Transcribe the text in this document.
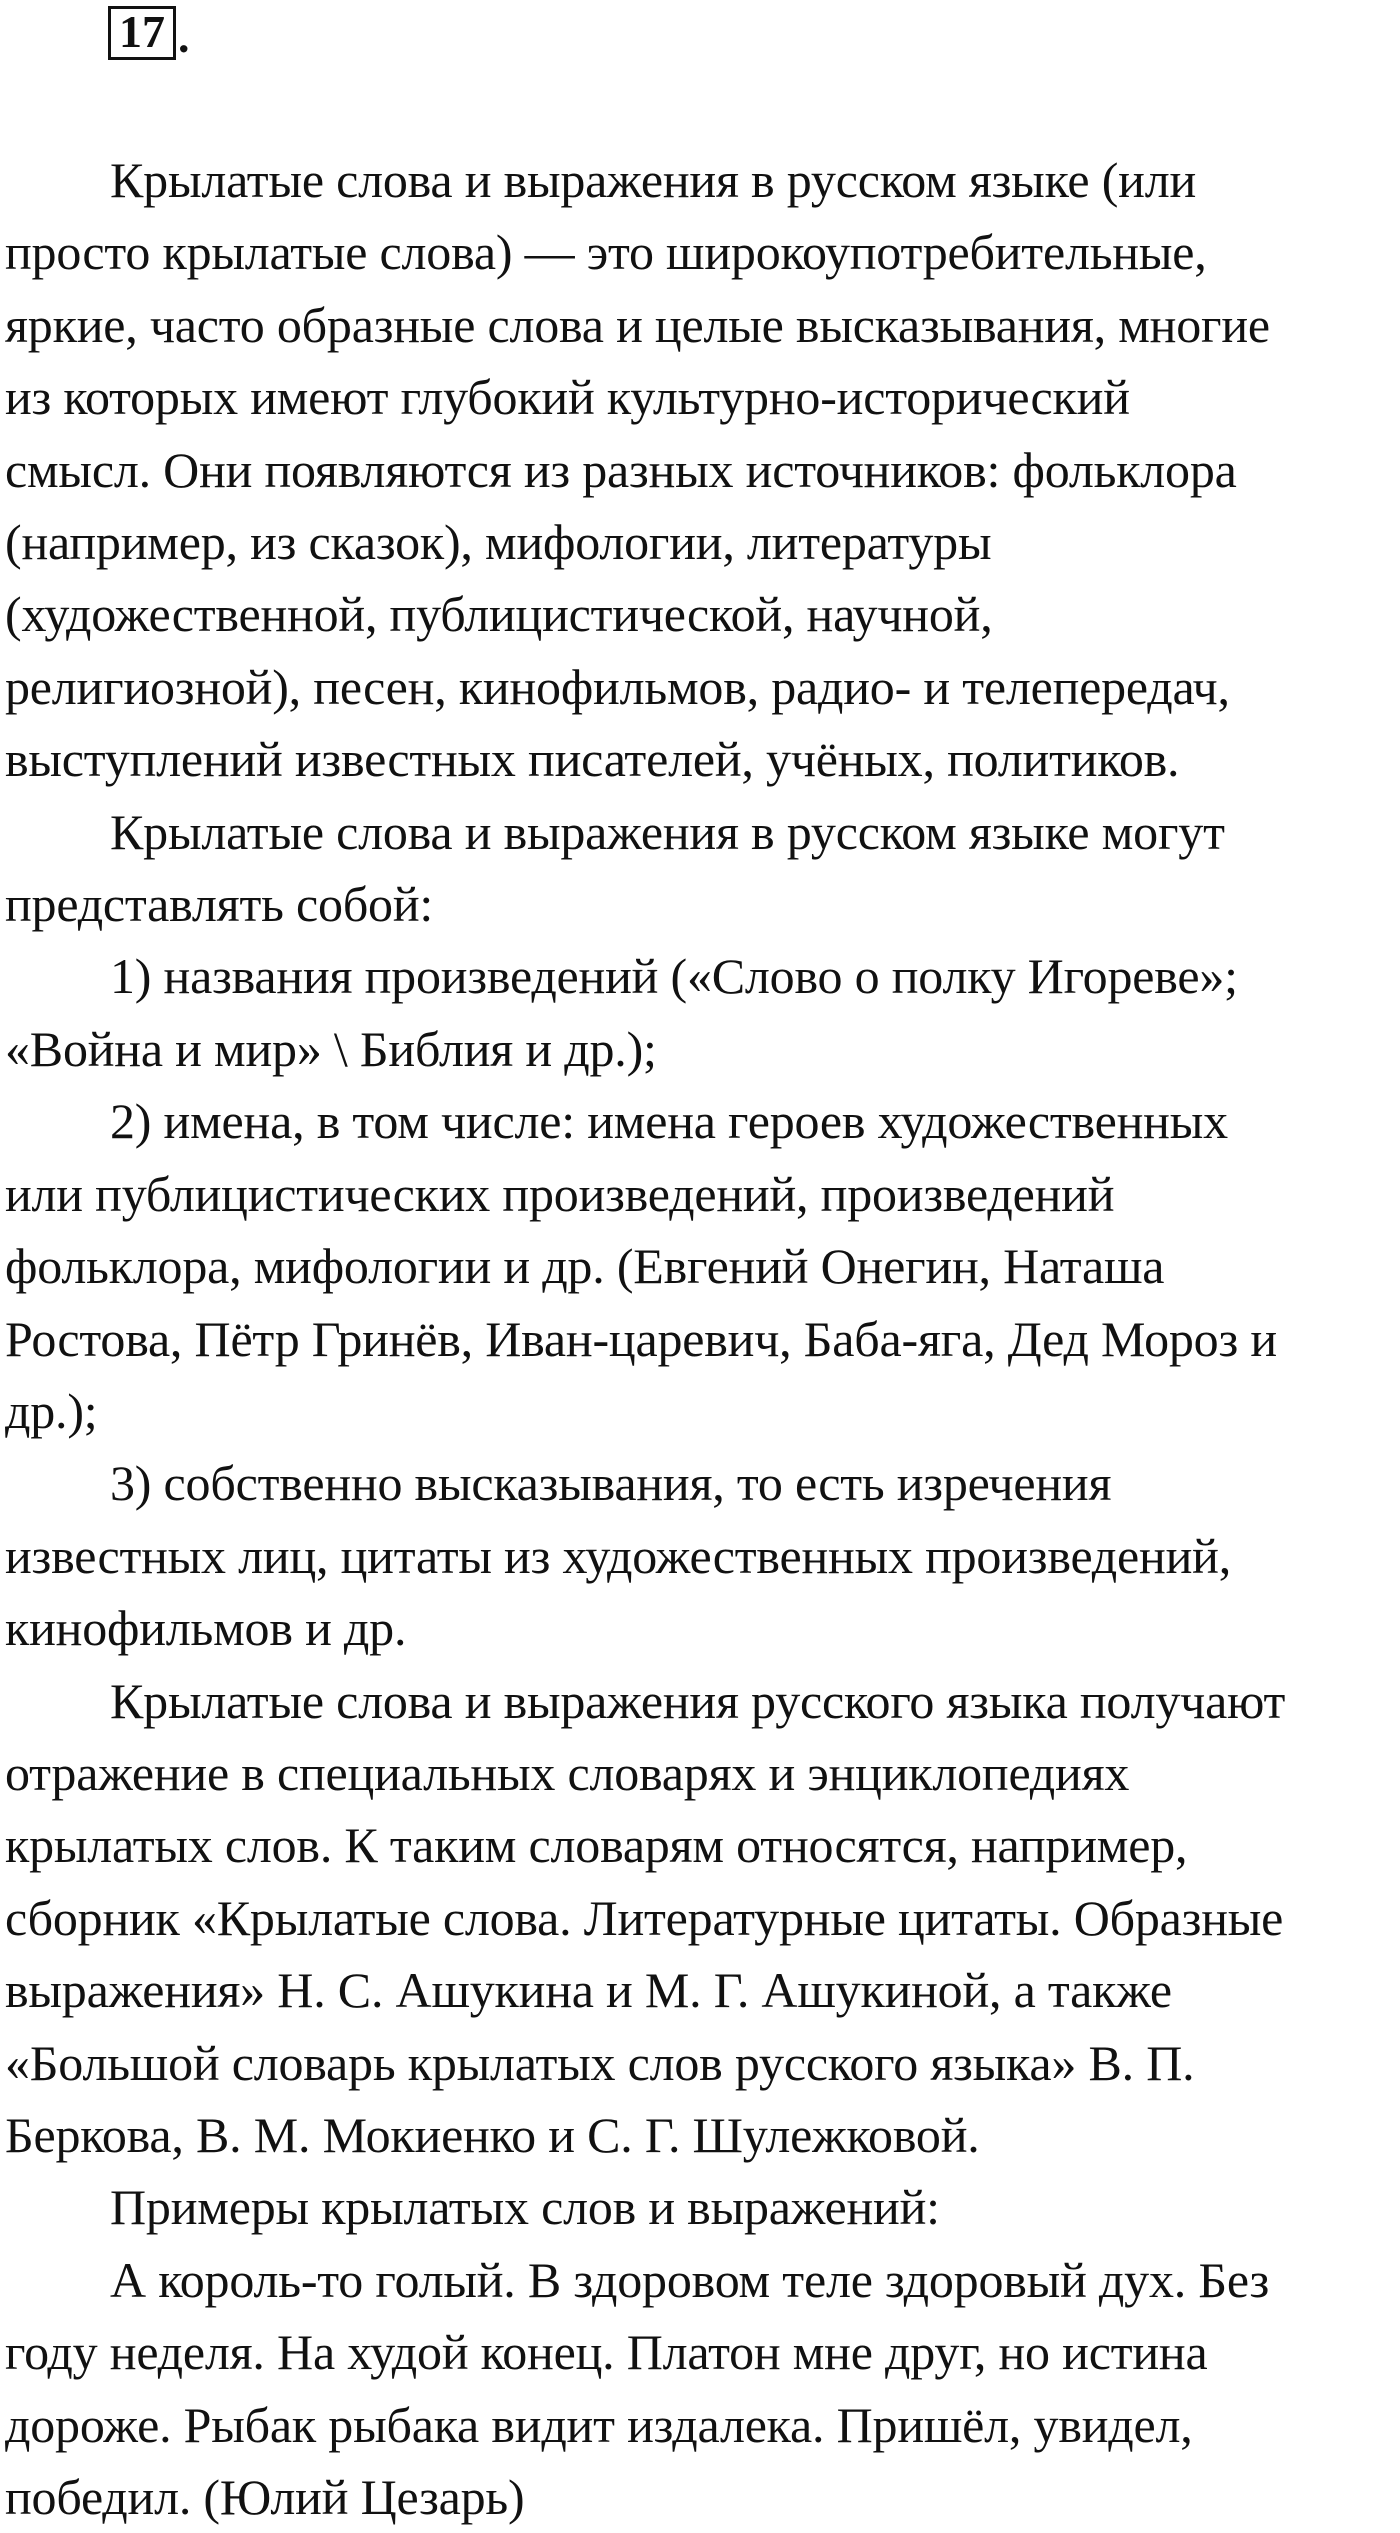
17 .
Крылатые слова и выражения в русском языке (или
просто крылатые слова) — это широкоупотребительные,
яркие, часто образные слова и целые высказывания, многие
из которых имеют глубокий культурно-исторический
смысл. Они появляются из разных источников: фольклора
(например, из сказок), мифологии, литературы
(художественной, публицистической, научной,
религиозной), песен, кинофильмов, радио- и телепередач,
выступлений известных писателей, учёных, политиков.
Крылатые слова и выражения в русском языке могут
представлять собой:
1) названия произведений («Слово о полку Игореве»;
«Война и мир» \ Библия и др.);
2) имена, в том числе: имена героев художественных
или публицистических произведений, произведений
фольклора, мифологии и др. (Евгений Онегин, Наташа
Ростова, Пётр Гринёв, Иван-царевич, Баба-яга, Дед Мороз и
др.);
3) собственно высказывания, то есть изречения
известных лиц, цитаты из художественных произведений,
кинофильмов и др.
Крылатые слова и выражения русского языка получают
отражение в специальных словарях и энциклопедиях
крылатых слов. К таким словарям относятся, например,
сборник «Крылатые слова. Литературные цитаты. Образные
выражения» Н. С. Ашукина и М. Г. Ашукиной, а также
«Большой словарь крылатых слов русского языка» В. П.
Беркова, В. М. Мокиенко и С. Г. Шулежковой.
Примеры крылатых слов и выражений:
А король-то голый. В здоровом теле здоровый дух. Без
году неделя. На худой конец. Платон мне друг, но истина
дороже. Рыбак рыбака видит издалека. Пришёл, увидел,
победил. (Юлий Цезарь)
